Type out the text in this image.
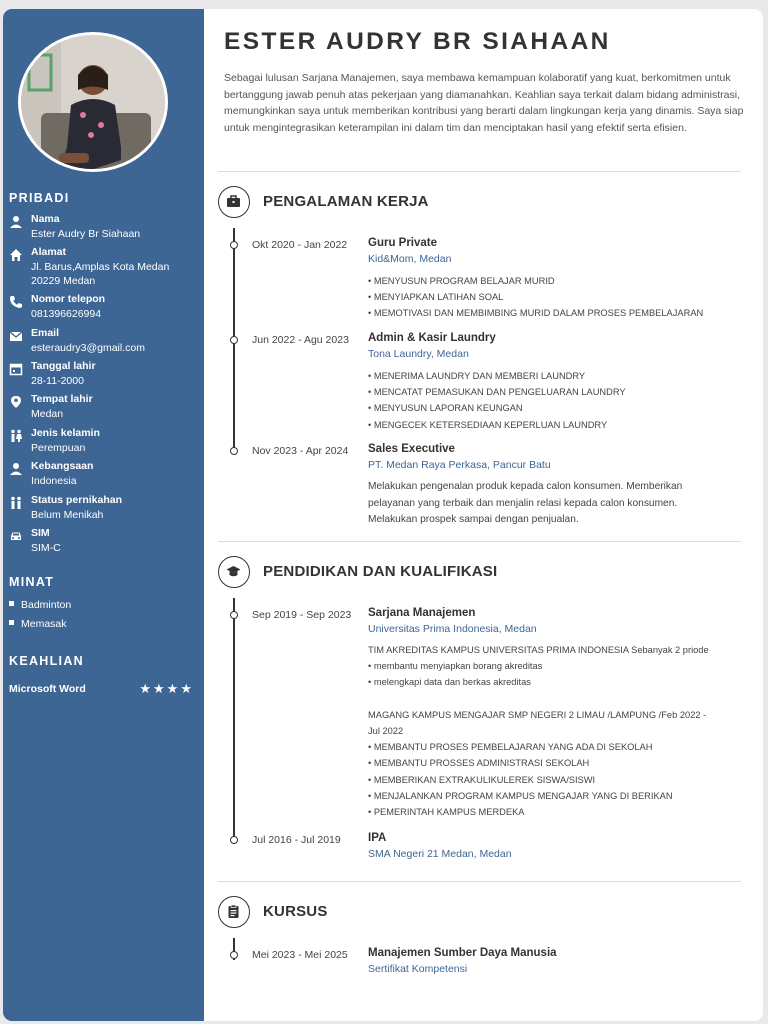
PRIBADI
Nama
Ester Audry Br Siahaan
Alamat
Jl. Barus,Amplas Kota Medan
20229 Medan
Nomor telepon
081396626994
Email
esteraudry3@gmail.com
Tanggal lahir
28-11-2000
Tempat lahir
Medan
Jenis kelamin
Perempuan
Kebangsaan
Indonesia
Status pernikahan
Belum Menikah
SIM
SIM-C
MINAT
Badminton
Memasak
KEAHLIAN
Microsoft Word	★★★★
ESTER AUDRY BR SIAHAAN
Sebagai lulusan Sarjana Manajemen, saya membawa kemampuan kolaboratif yang kuat, berkomitmen untuk bertanggung jawab penuh atas pekerjaan yang diamanahkan. Keahlian saya terkait dalam bidang administrasi, memungkinkan saya untuk memberikan kontribusi yang berarti dalam lingkungan kerja yang dinamis. Saya siap untuk mengintegrasikan keterampilan ini dalam tim dan menciptakan hasil yang efektif serta efisien.
PENGALAMAN KERJA
Okt 2020 - Jan 2022 Guru Private
Kid&Mom, Medan
• MENYUSUN PROGRAM BELAJAR MURID
• MENYIAPKAN LATIHAN SOAL
• MEMOTIVASI DAN MEMBIMBING MURID DALAM PROSES PEMBELAJARAN
Jun 2022 - Agu 2023 Admin & Kasir Laundry
Tona Laundry, Medan
• MENERIMA LAUNDRY DAN MEMBERI LAUNDRY
• MENCATAT PEMASUKAN DAN PENGELUARAN LAUNDRY
• MENYUSUN LAPORAN KEUNGAN
• MENGECEK KETERSEDIAAN KEPERLUAN LAUNDRY
Nov 2023 - Apr 2024 Sales Executive
PT. Medan Raya Perkasa, Pancur Batu
Melakukan pengenalan produk kepada calon konsumen. Memberikan pelayanan yang terbaik dan menjalin relasi kepada calon konsumen. Melakukan prospek sampai dengan penjualan.
PENDIDIKAN DAN KUALIFIKASI
Sep 2019 - Sep 2023 Sarjana Manajemen
Universitas Prima Indonesia, Medan
TIM AKREDITAS KAMPUS UNIVERSITAS PRIMA INDONESIA Sebanyak 2 priode
• membantu menyiapkan borang akreditas
• melengkapi data dan berkas akreditas
MAGANG KAMPUS MENGAJAR SMP NEGERI 2 LIMAU /LAMPUNG /Feb 2022 -
Jul 2022
• MEMBANTU PROSES PEMBELAJARAN YANG ADA DI SEKOLAH
• MEMBANTU PROSSES ADMINISTRASI SEKOLAH
• MEMBERIKAN EXTRAKULIKULEREK SISWA/SISWI
• MENJALANKAN PROGRAM KAMPUS MENGAJAR YANG DI BERIKAN
• PEMERINTAH KAMPUS MERDEKA
Jul 2016 - Jul 2019 IPA
SMA Negeri 21 Medan, Medan
KURSUS
Mei 2023 - Mei 2025 Manajemen Sumber Daya Manusia
Sertifikat Kompetensi
